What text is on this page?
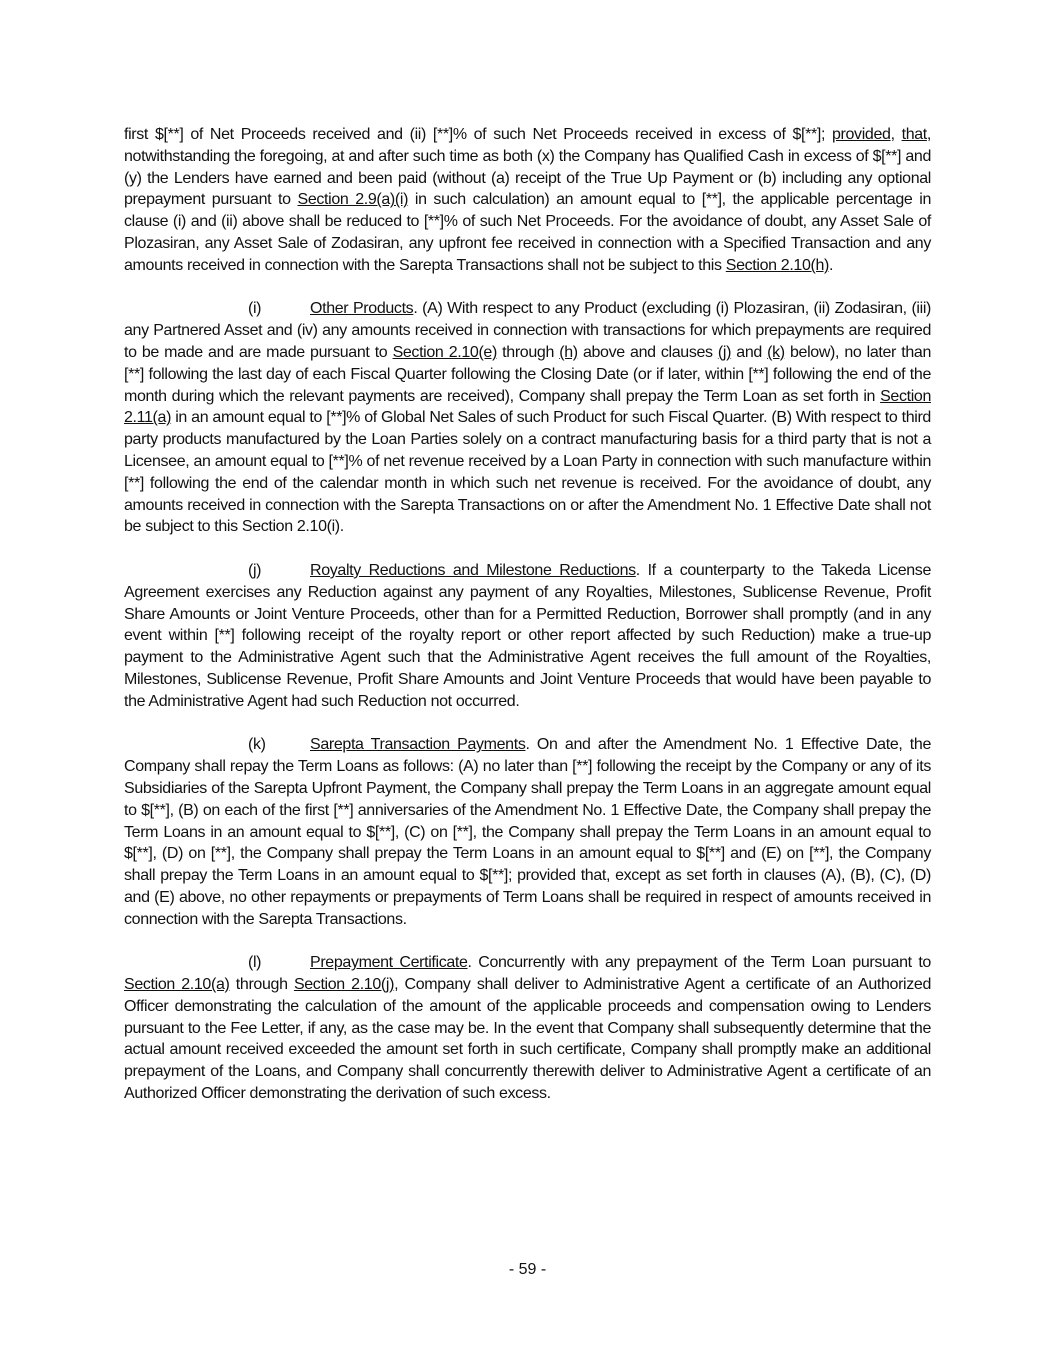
first $[**] of Net Proceeds received and (ii) [**]% of such Net Proceeds received in excess of $[**]; provided, that, notwithstanding the foregoing, at and after such time as both (x) the Company has Qualified Cash in excess of $[**] and (y) the Lenders have earned and been paid (without (a) receipt of the True Up Payment or (b) including any optional prepayment pursuant to Section 2.9(a)(i) in such calculation) an amount equal to [**], the applicable percentage in clause (i) and (ii) above shall be reduced to [**]% of such Net Proceeds. For the avoidance of doubt, any Asset Sale of Plozasiran, any Asset Sale of Zodasiran, any upfront fee received in connection with a Specified Transaction and any amounts received in connection with the Sarepta Transactions shall not be subject to this Section 2.10(h).

(i)	Other Products. (A) With respect to any Product (excluding (i) Plozasiran, (ii) Zodasiran, (iii) any Partnered Asset and (iv) any amounts received in connection with transactions for which prepayments are required to be made and are made pursuant to Section 2.10(e) through (h) above and clauses (j) and (k) below), no later than [**] following the last day of each Fiscal Quarter following the Closing Date (or if later, within [**] following the end of the month during which the relevant payments are received), Company shall prepay the Term Loan as set forth in Section 2.11(a) in an amount equal to [**]% of Global Net Sales of such Product for such Fiscal Quarter. (B) With respect to third party products manufactured by the Loan Parties solely on a contract manufacturing basis for a third party that is not a Licensee, an amount equal to [**]% of net revenue received by a Loan Party in connection with such manufacture within [**] following the end of the calendar month in which such net revenue is received. For the avoidance of doubt, any amounts received in connection with the Sarepta Transactions on or after the Amendment No. 1 Effective Date shall not be subject to this Section 2.10(i).

(j)	Royalty Reductions and Milestone Reductions. If a counterparty to the Takeda License Agreement exercises any Reduction against any payment of any Royalties, Milestones, Sublicense Revenue, Profit Share Amounts or Joint Venture Proceeds, other than for a Permitted Reduction, Borrower shall promptly (and in any event within [**] following receipt of the royalty report or other report affected by such Reduction) make a true-up payment to the Administrative Agent such that the Administrative Agent receives the full amount of the Royalties, Milestones, Sublicense Revenue, Profit Share Amounts and Joint Venture Proceeds that would have been payable to the Administrative Agent had such Reduction not occurred.

(k)	Sarepta Transaction Payments. On and after the Amendment No. 1 Effective Date, the Company shall repay the Term Loans as follows: (A) no later than [**] following the receipt by the Company or any of its Subsidiaries of the Sarepta Upfront Payment, the Company shall prepay the Term Loans in an aggregate amount equal to $[**], (B) on each of the first [**] anniversaries of the Amendment No. 1 Effective Date, the Company shall prepay the Term Loans in an amount equal to $[**], (C) on [**], the Company shall prepay the Term Loans in an amount equal to $[**], (D) on [**], the Company shall prepay the Term Loans in an amount equal to $[**] and (E) on [**], the Company shall prepay the Term Loans in an amount equal to $[**]; provided that, except as set forth in clauses (A), (B), (C), (D) and (E) above, no other repayments or prepayments of Term Loans shall be required in respect of amounts received in connection with the Sarepta Transactions.

(l)	Prepayment Certificate. Concurrently with any prepayment of the Term Loan pursuant to Section 2.10(a) through Section 2.10(j), Company shall deliver to Administrative Agent a certificate of an Authorized Officer demonstrating the calculation of the amount of the applicable proceeds and compensation owing to Lenders pursuant to the Fee Letter, if any, as the case may be. In the event that Company shall subsequently determine that the actual amount received exceeded the amount set forth in such certificate, Company shall promptly make an additional prepayment of the Loans, and Company shall concurrently therewith deliver to Administrative Agent a certificate of an Authorized Officer demonstrating the derivation of such excess.

- 59 -
